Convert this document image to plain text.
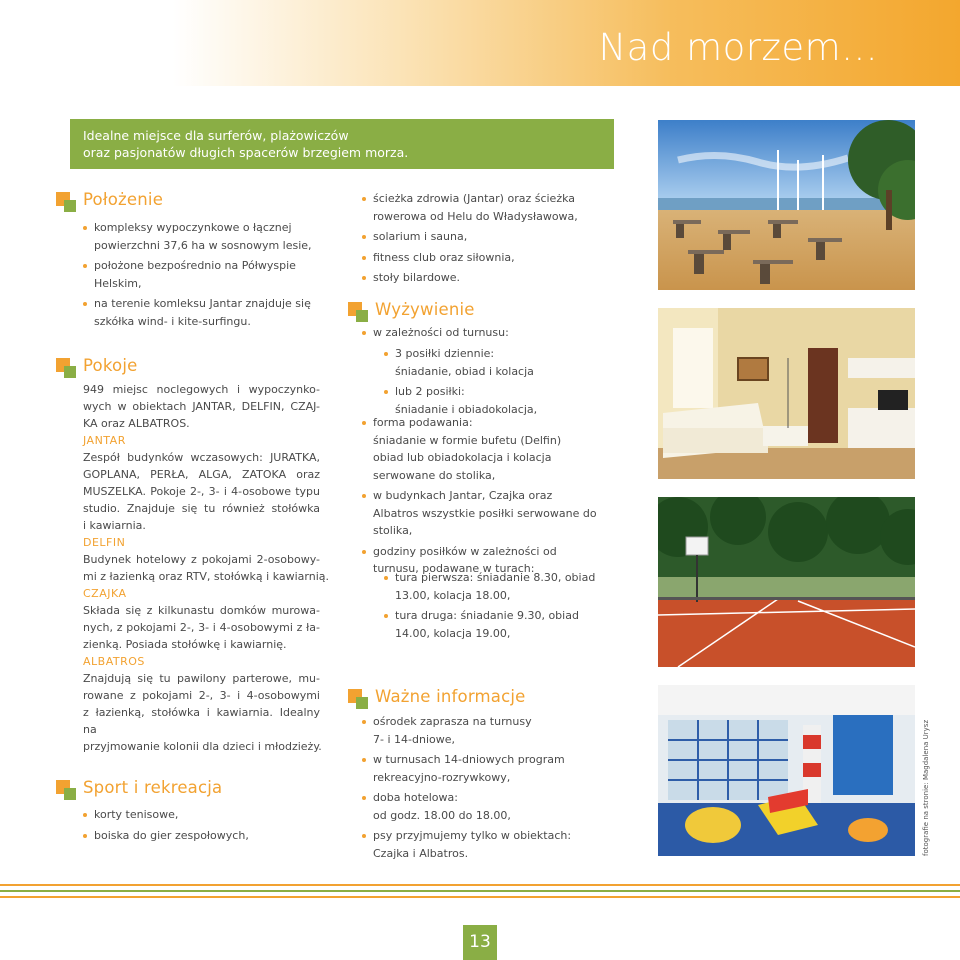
Nad morzem...
Idealne miejsce dla surferów, plażowiczów
oraz pasjonatów długich spacerów brzegiem morza.
Położenie
kompleksy wypoczynkowe o łącznej
powierzchni 37,6 ha w sosnowym lesie,
położone bezpośrednio na Półwyspie
Helskim,
na terenie komleksu Jantar znajduje się
szkółka wind- i kite-surfingu.
Pokoje
949 miejsc noclegowych i wypoczynko-
wych w obiektach JANTAR, DELFIN, CZAJ-
KA oraz ALBATROS.
JANTAR
Zespół budynków wczasowych: JURATKA,
GOPLANA, PERŁA, ALGA, ZATOKA oraz
MUSZELKA. Pokoje 2-, 3- i 4-osobowe typu
studio. Znajduje się tu również stołówka
i kawiarnia.
DELFIN
Budynek hotelowy z pokojami 2-osobowy-
mi z łazienką oraz RTV, stołówką i kawiarnią.
CZAJKA
Składa się z kilkunastu domków murowa-
nych, z pokojami 2-, 3- i 4-osobowymi z ła-
zienką. Posiada stołówkę i kawiarnię.
ALBATROS
Znajdują się tu pawilony parterowe, mu-
rowane z pokojami 2-, 3- i 4-osobowymi
z łazienką, stołówka i kawiarnia. Idealny na
przyjmowanie kolonii dla dzieci i młodzieży.
Sport i rekreacja
korty tenisowe,
boiska do gier zespołowych,
ścieżka zdrowia (Jantar) oraz ścieżka
rowerowa od Helu do Władysławowa,
solarium i sauna,
fitness club oraz siłownia,
stoły bilardowe.
Wyżywienie
w zależności od turnusu:
3 posiłki dziennie:
śniadanie, obiad i kolacja
lub 2 posiłki:
śniadanie i obiadokolacja,
forma podawania:
śniadanie w formie bufetu (Delfin)
obiad lub obiadokolacja i kolacja
serwowane do stolika,
w budynkach Jantar, Czajka oraz
Albatros wszystkie posiłki serwowane do
stolika,
godziny posiłków w zależności od
turnusu, podawane w turach:
tura pierwsza: śniadanie 8.30, obiad
13.00, kolacja 18.00,
tura druga: śniadanie 9.30, obiad
14.00, kolacja 19.00,
Ważne informacje
ośrodek zaprasza na turnusy
7- i 14-dniowe,
w turnusach 14-dniowych program
rekreacyjno-rozrywkowy,
doba hotelowa:
od godz. 18.00 do 18.00,
psy przyjmujemy tylko w obiektach:
Czajka i Albatros.	fotografie na stronie: Magdalena Urysz
13
